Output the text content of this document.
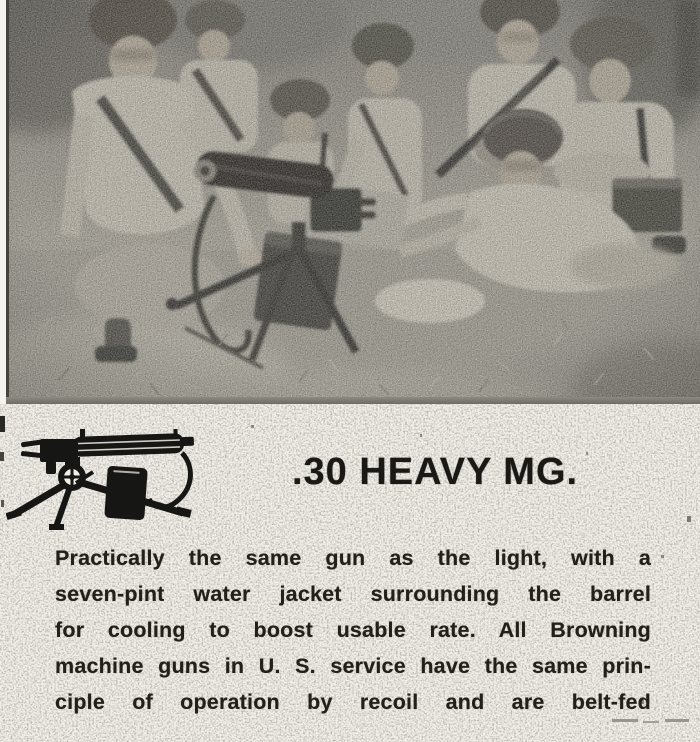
.30 HEAVY MG.
Practically the same gun as the light, with a
seven-pint water jacket surrounding the barrel
for cooling to boost usable rate. All Browning
machine guns in U. S. service have the same prin-
ciple of operation by recoil and are belt-fed
